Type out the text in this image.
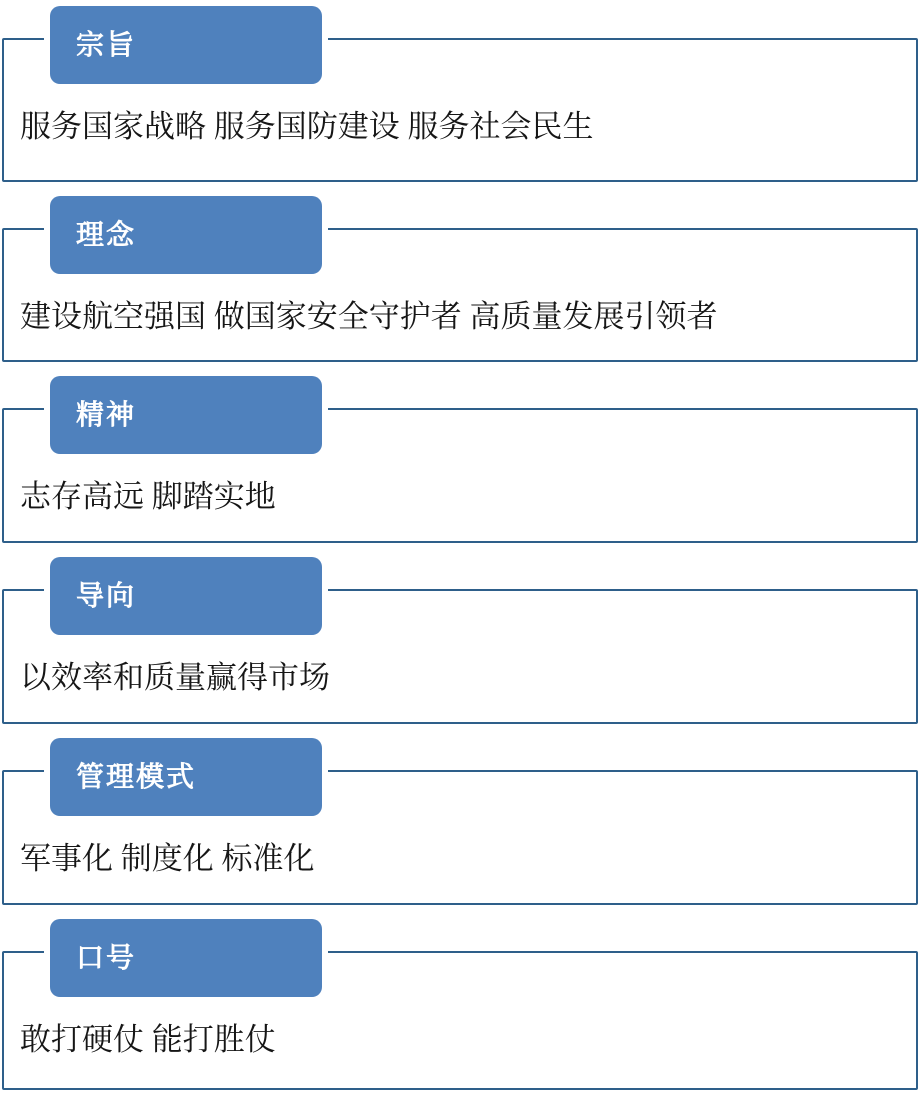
宗旨
服务国家战略 服务国防建设 服务社会民生
理念
建设航空强国 做国家安全守护者 高质量发展引领者
精神
志存高远 脚踏实地
导向
以效率和质量赢得市场
管理模式
军事化 制度化 标准化
口号
敢打硬仗 能打胜仗
